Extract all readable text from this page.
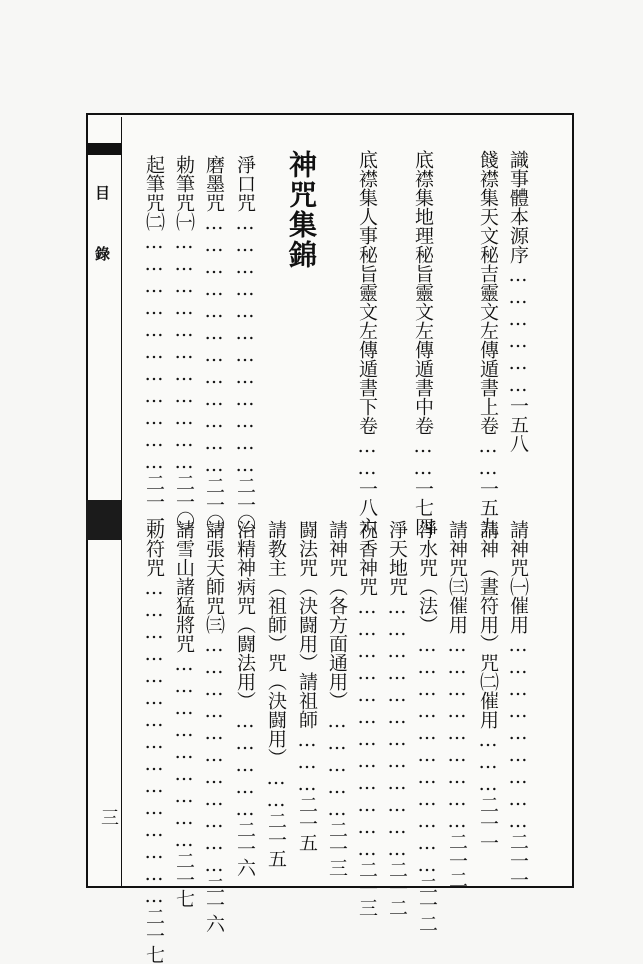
目 錄
三
識事體本源序………………一五八
餞襟集天文秘吉靈文左傳遁書上卷……一五九
底襟集地理秘旨靈文左傳遁書中卷……一七四
底襟集人事秘旨靈文左傳遁書下卷……一八六
神咒集錦
淨口咒………………………………二一〇
磨墨咒………………………………二一〇
勅筆咒㈠……………………………二一〇
起筆咒㈡……………………………二一一
請神咒㈠催用………………………二一一
請神（晝符用）咒㈡催用………二一一
請神咒㈢催用………………………二一二
淨水咒（法）……………………………二一二
淨天地咒………………………………二一二
祝香神咒………………………………二一三
請神咒（各方面通用）……………二一三
闘法咒（決闘用）請祖師………二一五
請教主（祖師）咒（決闘用）……二一五
治精神病咒（闘法用）……………二一六
請張天師咒㈢……………………………二一六
請雪山諸猛將咒………………………二一七
勅符咒………………………………………二一七
